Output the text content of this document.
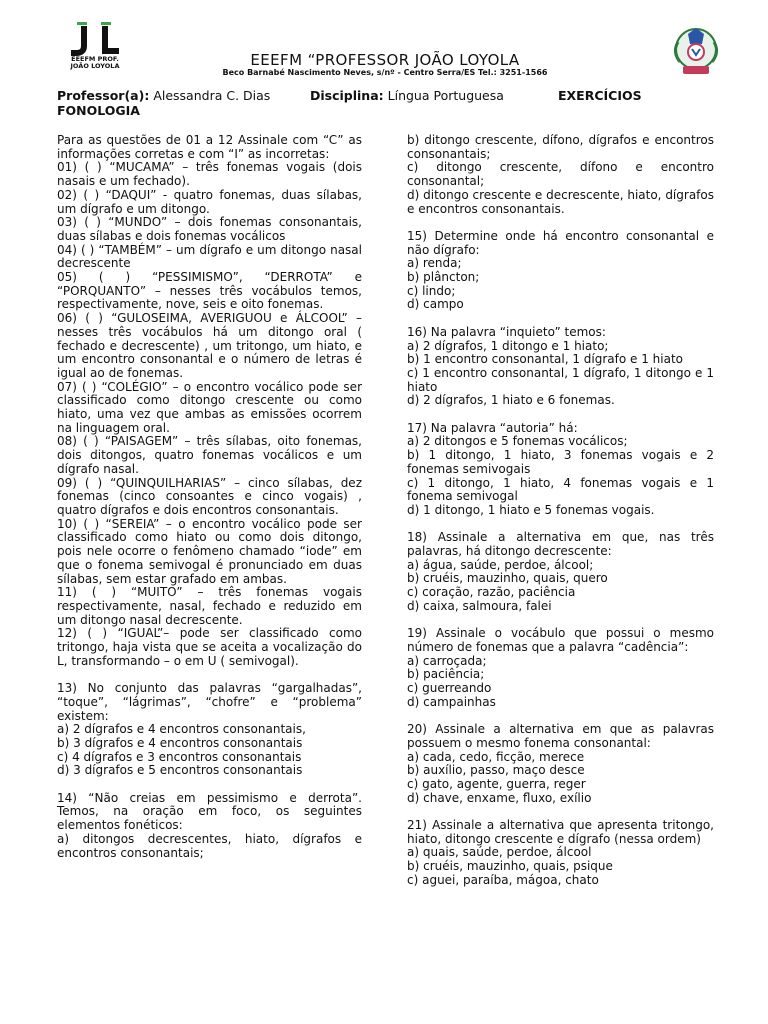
EEEFM PROF.
JOÃO LOYOLA	EEEFM “PROFESSOR JOÃO LOYOLA
Beco Barnabé Nascimento Neves, s/nº - Centro Serra/ES Tel.: 3251-1566
Professor(a): Alessandra C. Dias	Disciplina: Língua Portuguesa	EXERCÍCIOS
FONOLOGIA

Para as questões de 01 a 12 Assinale com “C” as informações corretas e com “I” as incorretas:

01) ( ) “MUCAMA” – três fonemas vogais (dois nasais e um fechado).

02) ( ) “DAQUI” - quatro fonemas, duas sílabas, um dígrafo e um ditongo.

03) ( ) “MUNDO” – dois fonemas consonantais, duas sílabas e dois fonemas vocálicos

04) ( ) “TAMBÉM” – um dígrafo e um ditongo nasal decrescente

05) ( ) “PESSIMISMO”, “DERROTA” e “PORQUANTO” – nesses três vocábulos temos, respectivamente, nove, seis e oito fonemas.

06) ( ) “GULOSEIMA, AVERIGUOU e ÁLCOOL” – nesses três vocábulos há um ditongo oral ( fechado e decrescente) , um tritongo, um hiato, e um encontro consonantal e o número de letras é igual ao de fonemas.

07) ( ) “COLÉGIO” – o encontro vocálico pode ser classificado como ditongo crescente ou como hiato, uma vez que ambas as emissões ocorrem na linguagem oral.

08) ( ) “PAISAGEM” – três sílabas, oito fonemas, dois ditongos, quatro fonemas vocálicos e um dígrafo nasal.

09) ( ) “QUINQUILHARIAS” – cinco sílabas, dez fonemas (cinco consoantes e cinco vogais) , quatro dígrafos e dois encontros consonantais.

10) ( ) “SEREIA” – o encontro vocálico pode ser classificado como hiato ou como dois ditongo, pois nele ocorre o fenômeno chamado “iode” em que o fonema semivogal é pronunciado em duas sílabas, sem estar grafado em ambas.

11) ( ) “MUITO” – três fonemas vogais respectivamente, nasal, fechado e reduzido em um ditongo nasal decrescente.

12) ( ) “IGUAL”– pode ser classificado como tritongo, haja vista que se aceita a vocalização do L, transformando – o em U ( semivogal).

13) No conjunto das palavras “gargalhadas”, “toque”, “lágrimas”, “chofre” e “problema” existem:

a) 2 dígrafos e 4 encontros consonantais,

b) 3 dígrafos e 4 encontros consonantais

c) 4 dígrafos e 3 encontros consonantais

d) 3 dígrafos e 5 encontros consonantais

14) “Não creias em pessimismo e derrota”. Temos, na oração em foco, os seguintes elementos fonéticos:

a) ditongos decrescentes, hiato, dígrafos e encontros consonantais;

b) ditongo crescente, dífono, dígrafos e encontros consonantais;

c) ditongo crescente, dífono e encontro consonantal;

d) ditongo crescente e decrescente, hiato, dígrafos e encontros consonantais.

15) Determine onde há encontro consonantal e não dígrafo:

a) renda;

b) plâncton;

c) lindo;

d) campo

16) Na palavra “inquieto” temos:

a) 2 dígrafos, 1 ditongo e 1 hiato;

b) 1 encontro consonantal, 1 dígrafo e 1 hiato

c) 1 encontro consonantal, 1 dígrafo, 1 ditongo e 1 hiato

d) 2 dígrafos, 1 hiato e 6 fonemas.

17) Na palavra “autoria” há:

a) 2 ditongos e 5 fonemas vocálicos;

b) 1 ditongo, 1 hiato, 3 fonemas vogais e 2 fonemas semivogais

c) 1 ditongo, 1 hiato, 4 fonemas vogais e 1 fonema semivogal

d) 1 ditongo, 1 hiato e 5 fonemas vogais.

18) Assinale a alternativa em que, nas três palavras, há ditongo decrescente:

a) água, saúde, perdoe, álcool;

b) cruéis, mauzinho, quais, quero

c) coração, razão, paciência

d) caixa, salmoura, falei

19) Assinale o vocábulo que possui o mesmo número de fonemas que a palavra “cadência”:

a) carroçada;

b) paciência;

c) guerreando

d) campainhas

20) Assinale a alternativa em que as palavras possuem o mesmo fonema consonantal:

a) cada, cedo, ficção, merece

b) auxílio, passo, maço desce

c) gato, agente, guerra, reger

d) chave, enxame, fluxo, exílio

21) Assinale a alternativa que apresenta tritongo, hiato, ditongo crescente e dígrafo (nessa ordem)

a) quais, saúde, perdoe, álcool

b) cruéis, mauzinho, quais, psique

c) aguei, paraíba, mágoa, chato
